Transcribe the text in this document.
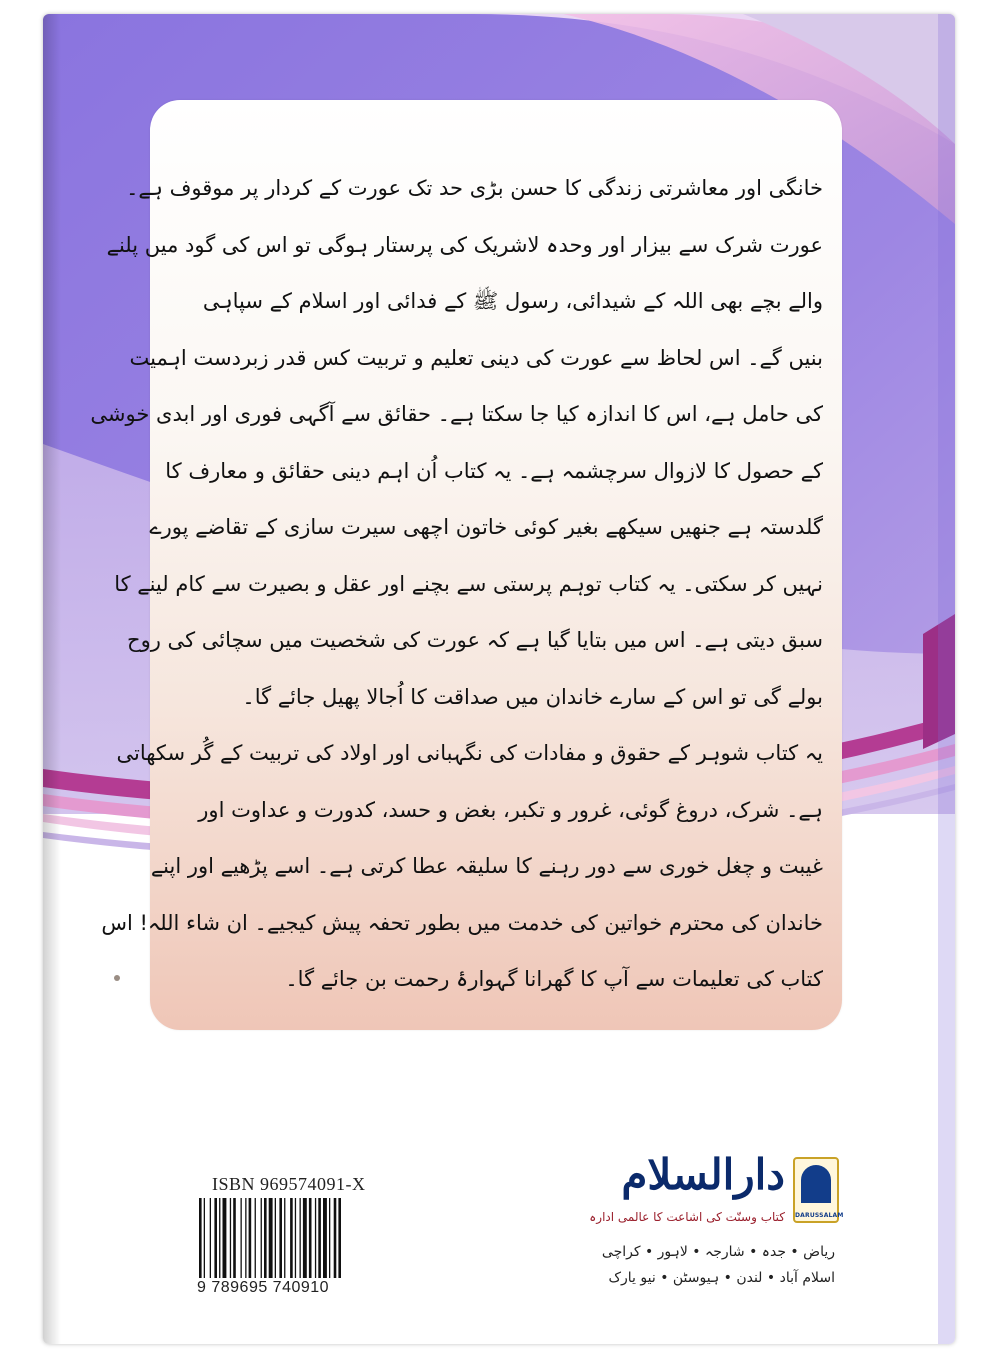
خانگی اور معاشرتی زندگی کا حسن بڑی حد تک عورت کے کردار پر موقوف ہے۔
عورت شرک سے بیزار اور وحدہ لاشریک کی پرستار ہوگی تو اس کی گود میں پلنے
والے بچے بھی اللہ کے شیدائی، رسول ﷺ کے فدائی اور اسلام کے سپاہی
بنیں گے۔ اس لحاظ سے عورت کی دینی تعلیم و تربیت کس قدر زبردست اہمیت
کی حامل ہے، اس کا اندازہ کیا جا سکتا ہے۔ حقائق سے آگہی فوری اور ابدی خوشی
کے حصول کا لازوال سرچشمہ ہے۔ یہ کتاب اُن اہم دینی حقائق و معارف کا
گلدستہ ہے جنھیں سیکھے بغیر کوئی خاتون اچھی سیرت سازی کے تقاضے پورے
نہیں کر سکتی۔ یہ کتاب توہم پرستی سے بچنے اور عقل و بصیرت سے کام لینے کا
سبق دیتی ہے۔ اس میں بتایا گیا ہے کہ عورت کی شخصیت میں سچائی کی روح
بولے گی تو اس کے سارے خاندان میں صداقت کا اُجالا پھیل جائے گا۔
یہ کتاب شوہر کے حقوق و مفادات کی نگہبانی اور اولاد کی تربیت کے گُر سکھاتی
ہے۔ شرک، دروغ گوئی، غرور و تکبر، بغض و حسد، کدورت و عداوت اور
غیبت و چغل خوری سے دور رہنے کا سلیقہ عطا کرتی ہے۔ اسے پڑھیے اور اپنے
خاندان کی محترم خواتین کی خدمت میں بطور تحفہ پیش کیجیے۔ ان شاء اللہ! اس
کتاب کی تعلیمات سے آپ کا گھرانا گہوارۂ رحمت بن جائے گا۔
ISBN 969574091-X
9 789695 740910
دارالسلام
کتاب وسنّت کی اشاعت کا عالمی ادارہ DARUSSALAM
ریاض • جدہ • شارجہ • لاہور • کراچی
اسلام آباد • لندن • ہیوسٹن • نیو یارک
